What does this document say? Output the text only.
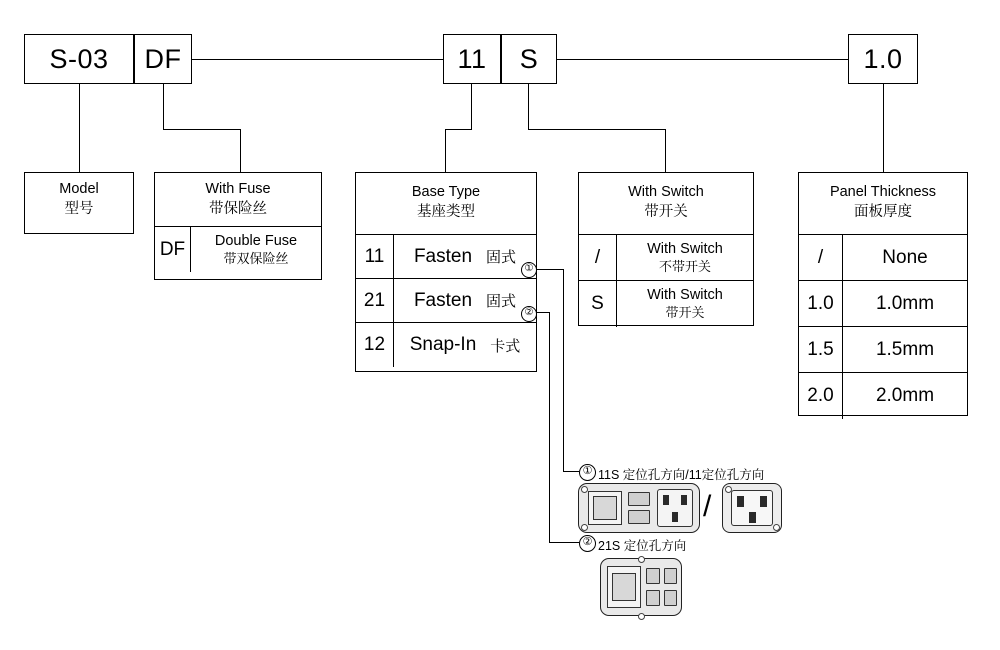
S-03 DF	11 S	1.0
Model
型号
With Fuse
带保险丝
DF	Double Fuse
带双保险丝
Base Type
基座类型
11	Fasten 固式
21	Fasten 固式
12	Snap-In 卡式
①
②
With Switch
带开关
/	With Switch
不带开关
S	With Switch
带开关
Panel Thickness
面板厚度
/	None
1.0	1.0mm
1.5	1.5mm
2.0	2.0mm
① 11S 定位孔方向/11定位孔方向
/
② 21S 定位孔方向
